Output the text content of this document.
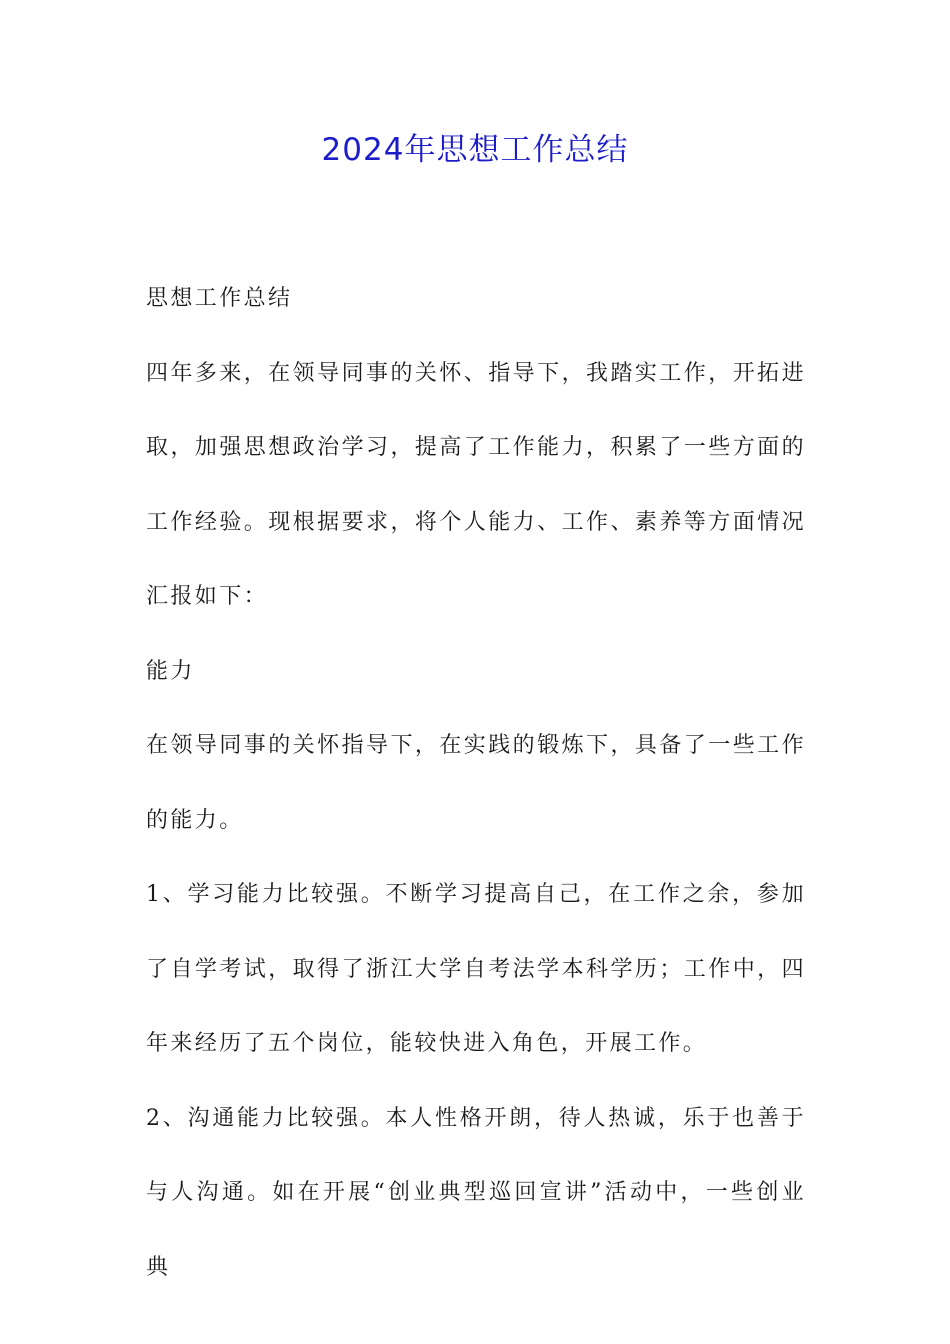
2024年思想工作总结

思想工作总结

四年多来，在领导同事的关怀、指导下，我踏实工作，开拓进取，加强思想政治学习，提高了工作能力，积累了一些方面的工作经验。现根据要求，将个人能力、工作、素养等方面情况汇报如下：

能力

在领导同事的关怀指导下，在实践的锻炼下，具备了一些工作的能力。

1、学习能力比较强。不断学习提高自己，在工作之余，参加了自学考试，取得了浙江大学自考法学本科学历；工作中，四年来经历了五个岗位，能较快进入角色，开展工作。

2、沟通能力比较强。本人性格开朗，待人热诚，乐于也善于与人沟通。如在开展“创业典型巡回宣讲”活动中，一些创业典
